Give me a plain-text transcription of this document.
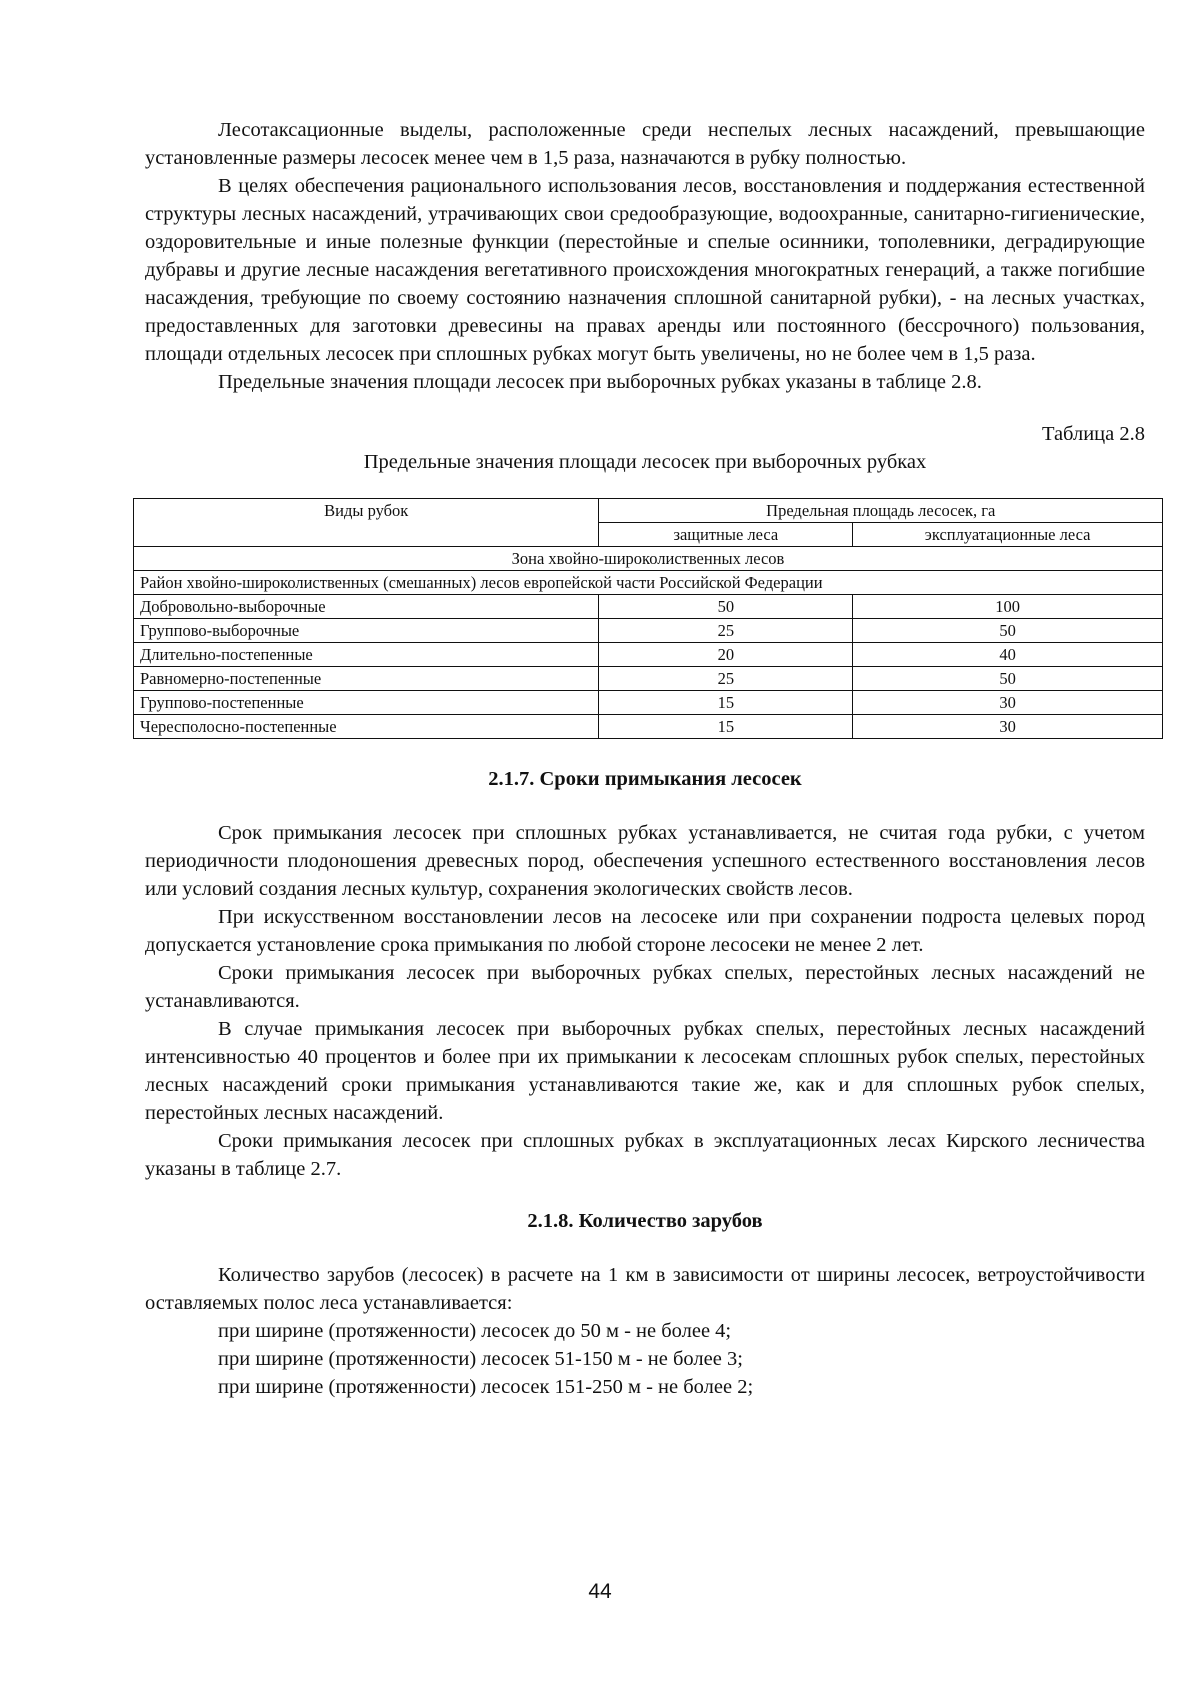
Лесотаксационные выделы, расположенные среди неспелых лесных насаждений, превышающие установленные размеры лесосек менее чем в 1,5 раза, назначаются в рубку полностью.

В целях обеспечения рационального использования лесов, восстановления и поддержания естественной структуры лесных насаждений, утрачивающих свои средообразующие, водоохранные, санитарно-гигиенические, оздоровительные и иные полезные функции (перестойные и спелые осинники, тополевники, деградирующие дубравы и другие лесные насаждения вегетативного происхождения многократных генераций, а также погибшие насаждения, требующие по своему состоянию назначения сплошной санитарной рубки), - на лесных участках, предоставленных для заготовки древесины на правах аренды или постоянного (бессрочного) пользования, площади отдельных лесосек при сплошных рубках могут быть увеличены, но не более чем в 1,5 раза.

Предельные значения площади лесосек при выборочных рубках указаны в таблице 2.8.

Таблица 2.8
Предельные значения площади лесосек при выборочных рубках
Виды рубок	Предельная площадь лесосек, га	
	защитные леса	эксплуатационные леса
Зона хвойно-широколиственных лесов		
Район хвойно-широколиственных (смешанных) лесов европейской части Российской Федерации		
Добровольно-выборочные	50	100
Группово-выборочные	25	50
Длительно-постепенные	20	40
Равномерно-постепенные	25	50
Группово-постепенные	15	30
Чересполосно-постепенные	15	30
2.1.7. Сроки примыкания лесосек

Срок примыкания лесосек при сплошных рубках устанавливается, не считая года рубки, с учетом периодичности плодоношения древесных пород, обеспечения успешного естественного восстановления лесов или условий создания лесных культур, сохранения экологических свойств лесов.

При искусственном восстановлении лесов на лесосеке или при сохранении подроста целевых пород допускается установление срока примыкания по любой стороне лесосеки не менее 2 лет.

Сроки примыкания лесосек при выборочных рубках спелых, перестойных лесных насаждений не устанавливаются.

В случае примыкания лесосек при выборочных рубках спелых, перестойных лесных насаждений интенсивностью 40 процентов и более при их примыкании к лесосекам сплошных рубок спелых, перестойных лесных насаждений сроки примыкания устанавливаются такие же, как и для сплошных рубок спелых, перестойных лесных насаждений.

Сроки примыкания лесосек при сплошных рубках в эксплуатационных лесах Кирского лесничества указаны в таблице 2.7.

2.1.8. Количество зарубов

Количество зарубов (лесосек) в расчете на 1 км в зависимости от ширины лесосек, ветроустойчивости оставляемых полос леса устанавливается:

при ширине (протяженности) лесосек до 50 м - не более 4;

при ширине (протяженности) лесосек 51-150 м - не более 3;

при ширине (протяженности) лесосек 151-250 м - не более 2;

44
